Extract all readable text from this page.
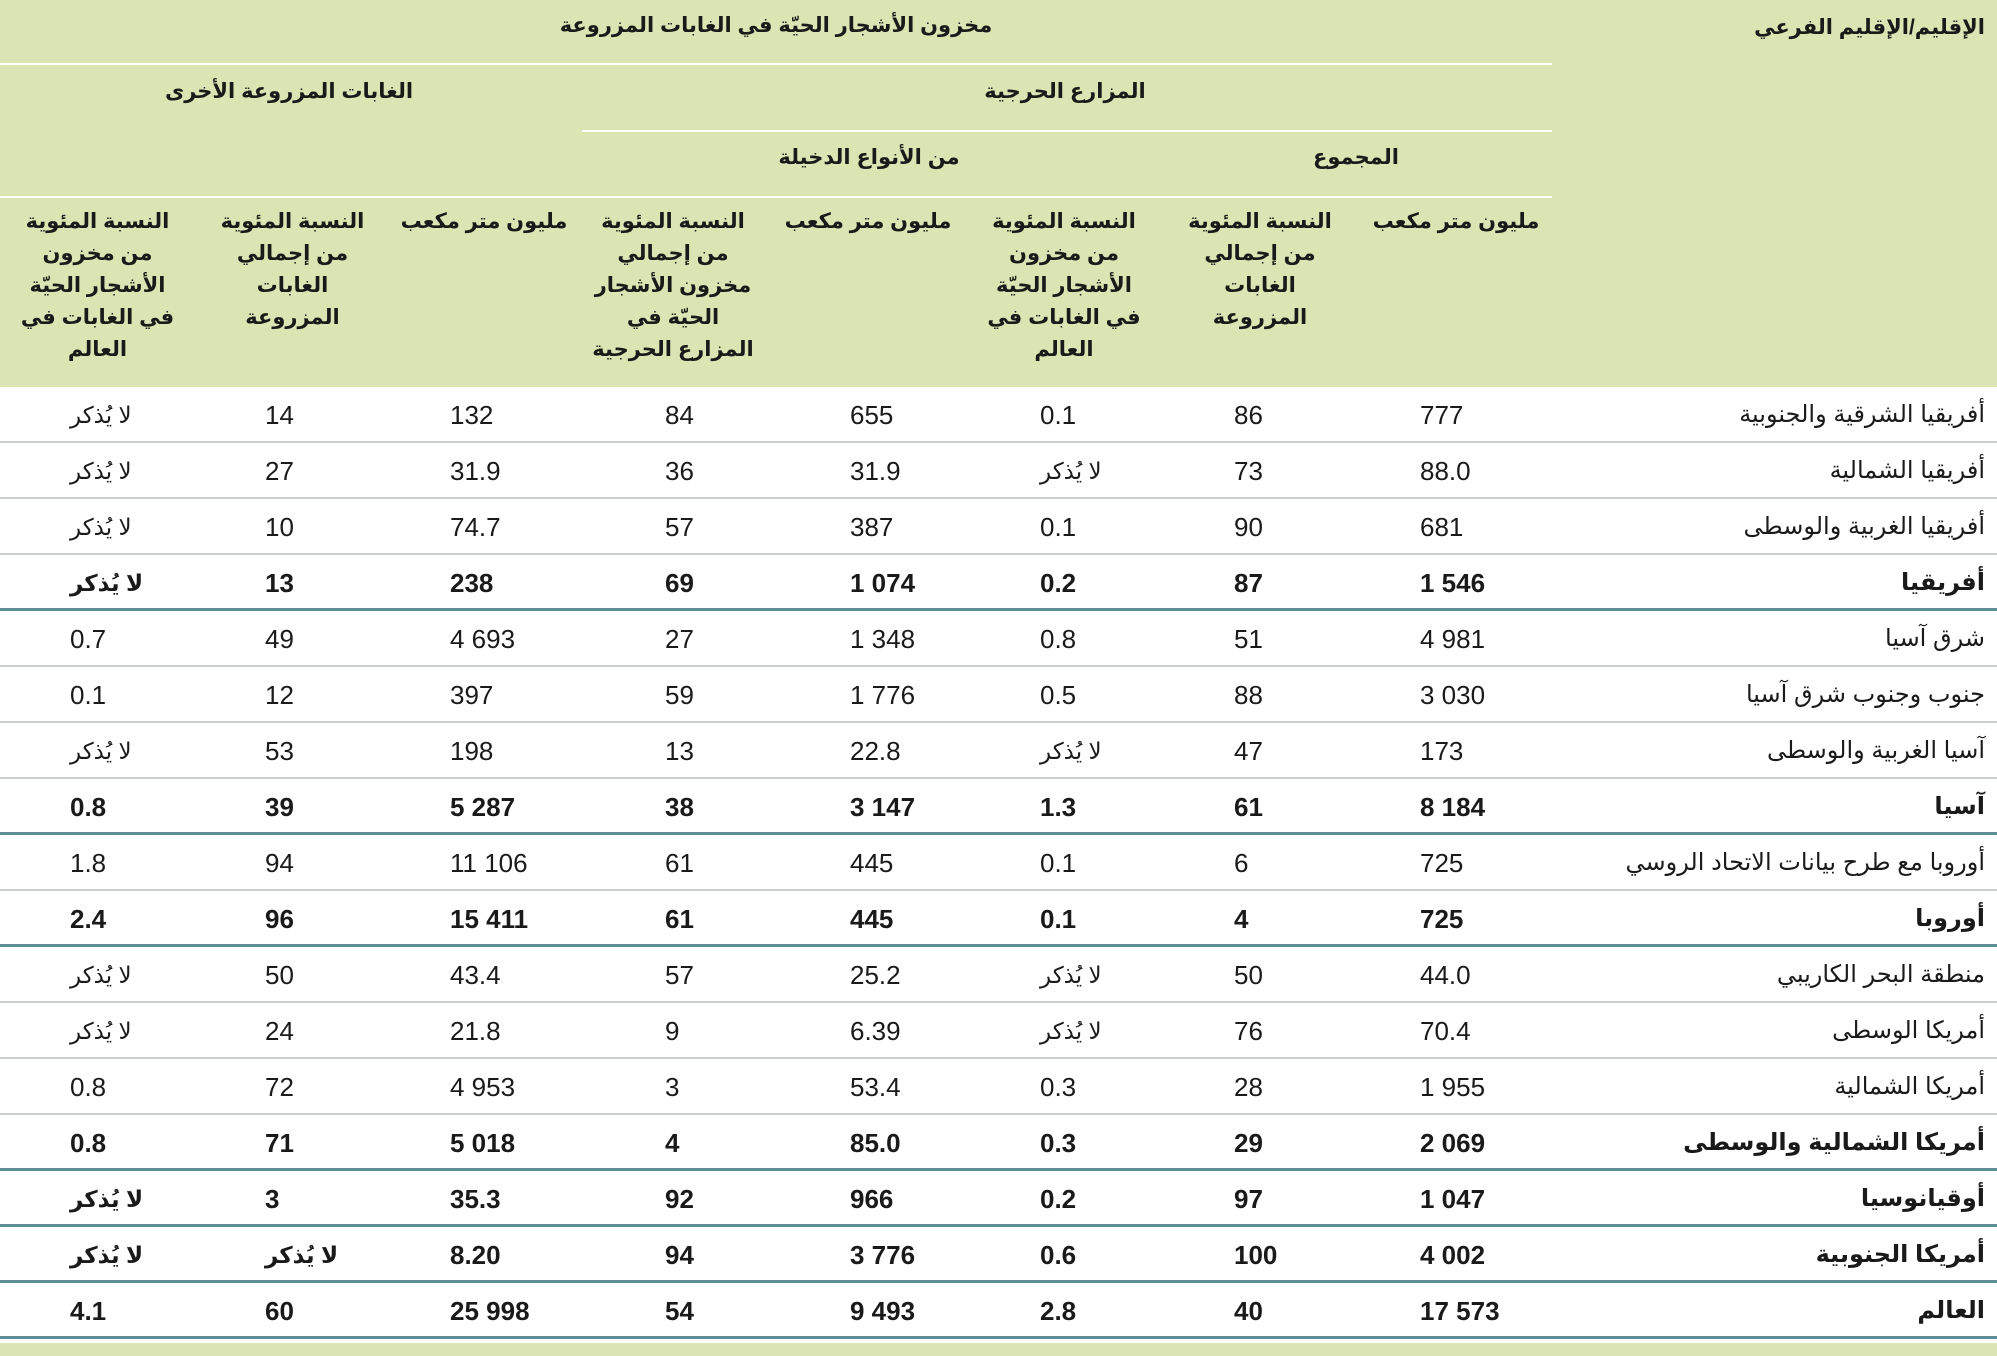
الإقليم/الإقليم الفرعي
مخزون الأشجار الحيّة في الغابات المزروعة
المزارع الحرجية
الغابات المزروعة الأخرى
المجموع
من الأنواع الدخيلة
مليون متر مكعب
النسبة المئوية
من إجمالي
الغابات
المزروعة
النسبة المئوية
من مخزون
الأشجار الحيّة
في الغابات في
العالم
مليون متر مكعب
النسبة المئوية
من إجمالي
مخزون الأشجار
الحيّة في
المزارع الحرجية
مليون متر مكعب
النسبة المئوية
من إجمالي
الغابات
المزروعة
النسبة المئوية
من مخزون
الأشجار الحيّة
في الغابات في
العالم
أفريقيا الشرقية والجنوبية
777
86
0.1
655
84
132
14
لا يُذكر
أفريقيا الشمالية
88.0
73
لا يُذكر
31.9
36
31.9
27
لا يُذكر
أفريقيا الغربية والوسطى
681
90
0.1
387
57
74.7
10
لا يُذكر
أفريقيا
1 546
87
0.2
1 074
69
238
13
لا يُذكر
شرق آسيا
4 981
51
0.8
1 348
27
4 693
49
0.7
جنوب وجنوب شرق آسيا
3 030
88
0.5
1 776
59
397
12
0.1
آسيا الغربية والوسطى
173
47
لا يُذكر
22.8
13
198
53
لا يُذكر
آسيا
8 184
61
1.3
3 147
38
5 287
39
0.8
أوروبا مع طرح بيانات الاتحاد الروسي
725
6
0.1
445
61
11 106
94
1.8
أوروبا
725
4
0.1
445
61
15 411
96
2.4
منطقة البحر الكاريبي
44.0
50
لا يُذكر
25.2
57
43.4
50
لا يُذكر
أمريكا الوسطى
70.4
76
لا يُذكر
6.39
9
21.8
24
لا يُذكر
أمريكا الشمالية
1 955
28
0.3
53.4
3
4 953
72
0.8
أمريكا الشمالية والوسطى
2 069
29
0.3
85.0
4
5 018
71
0.8
أوقيانوسيا
1 047
97
0.2
966
92
35.3
3
لا يُذكر
أمريكا الجنوبية
4 002
100
0.6
3 776
94
8.20
لا يُذكر
لا يُذكر
العالم
17 573
40
2.8
9 493
54
25 998
60
4.1
